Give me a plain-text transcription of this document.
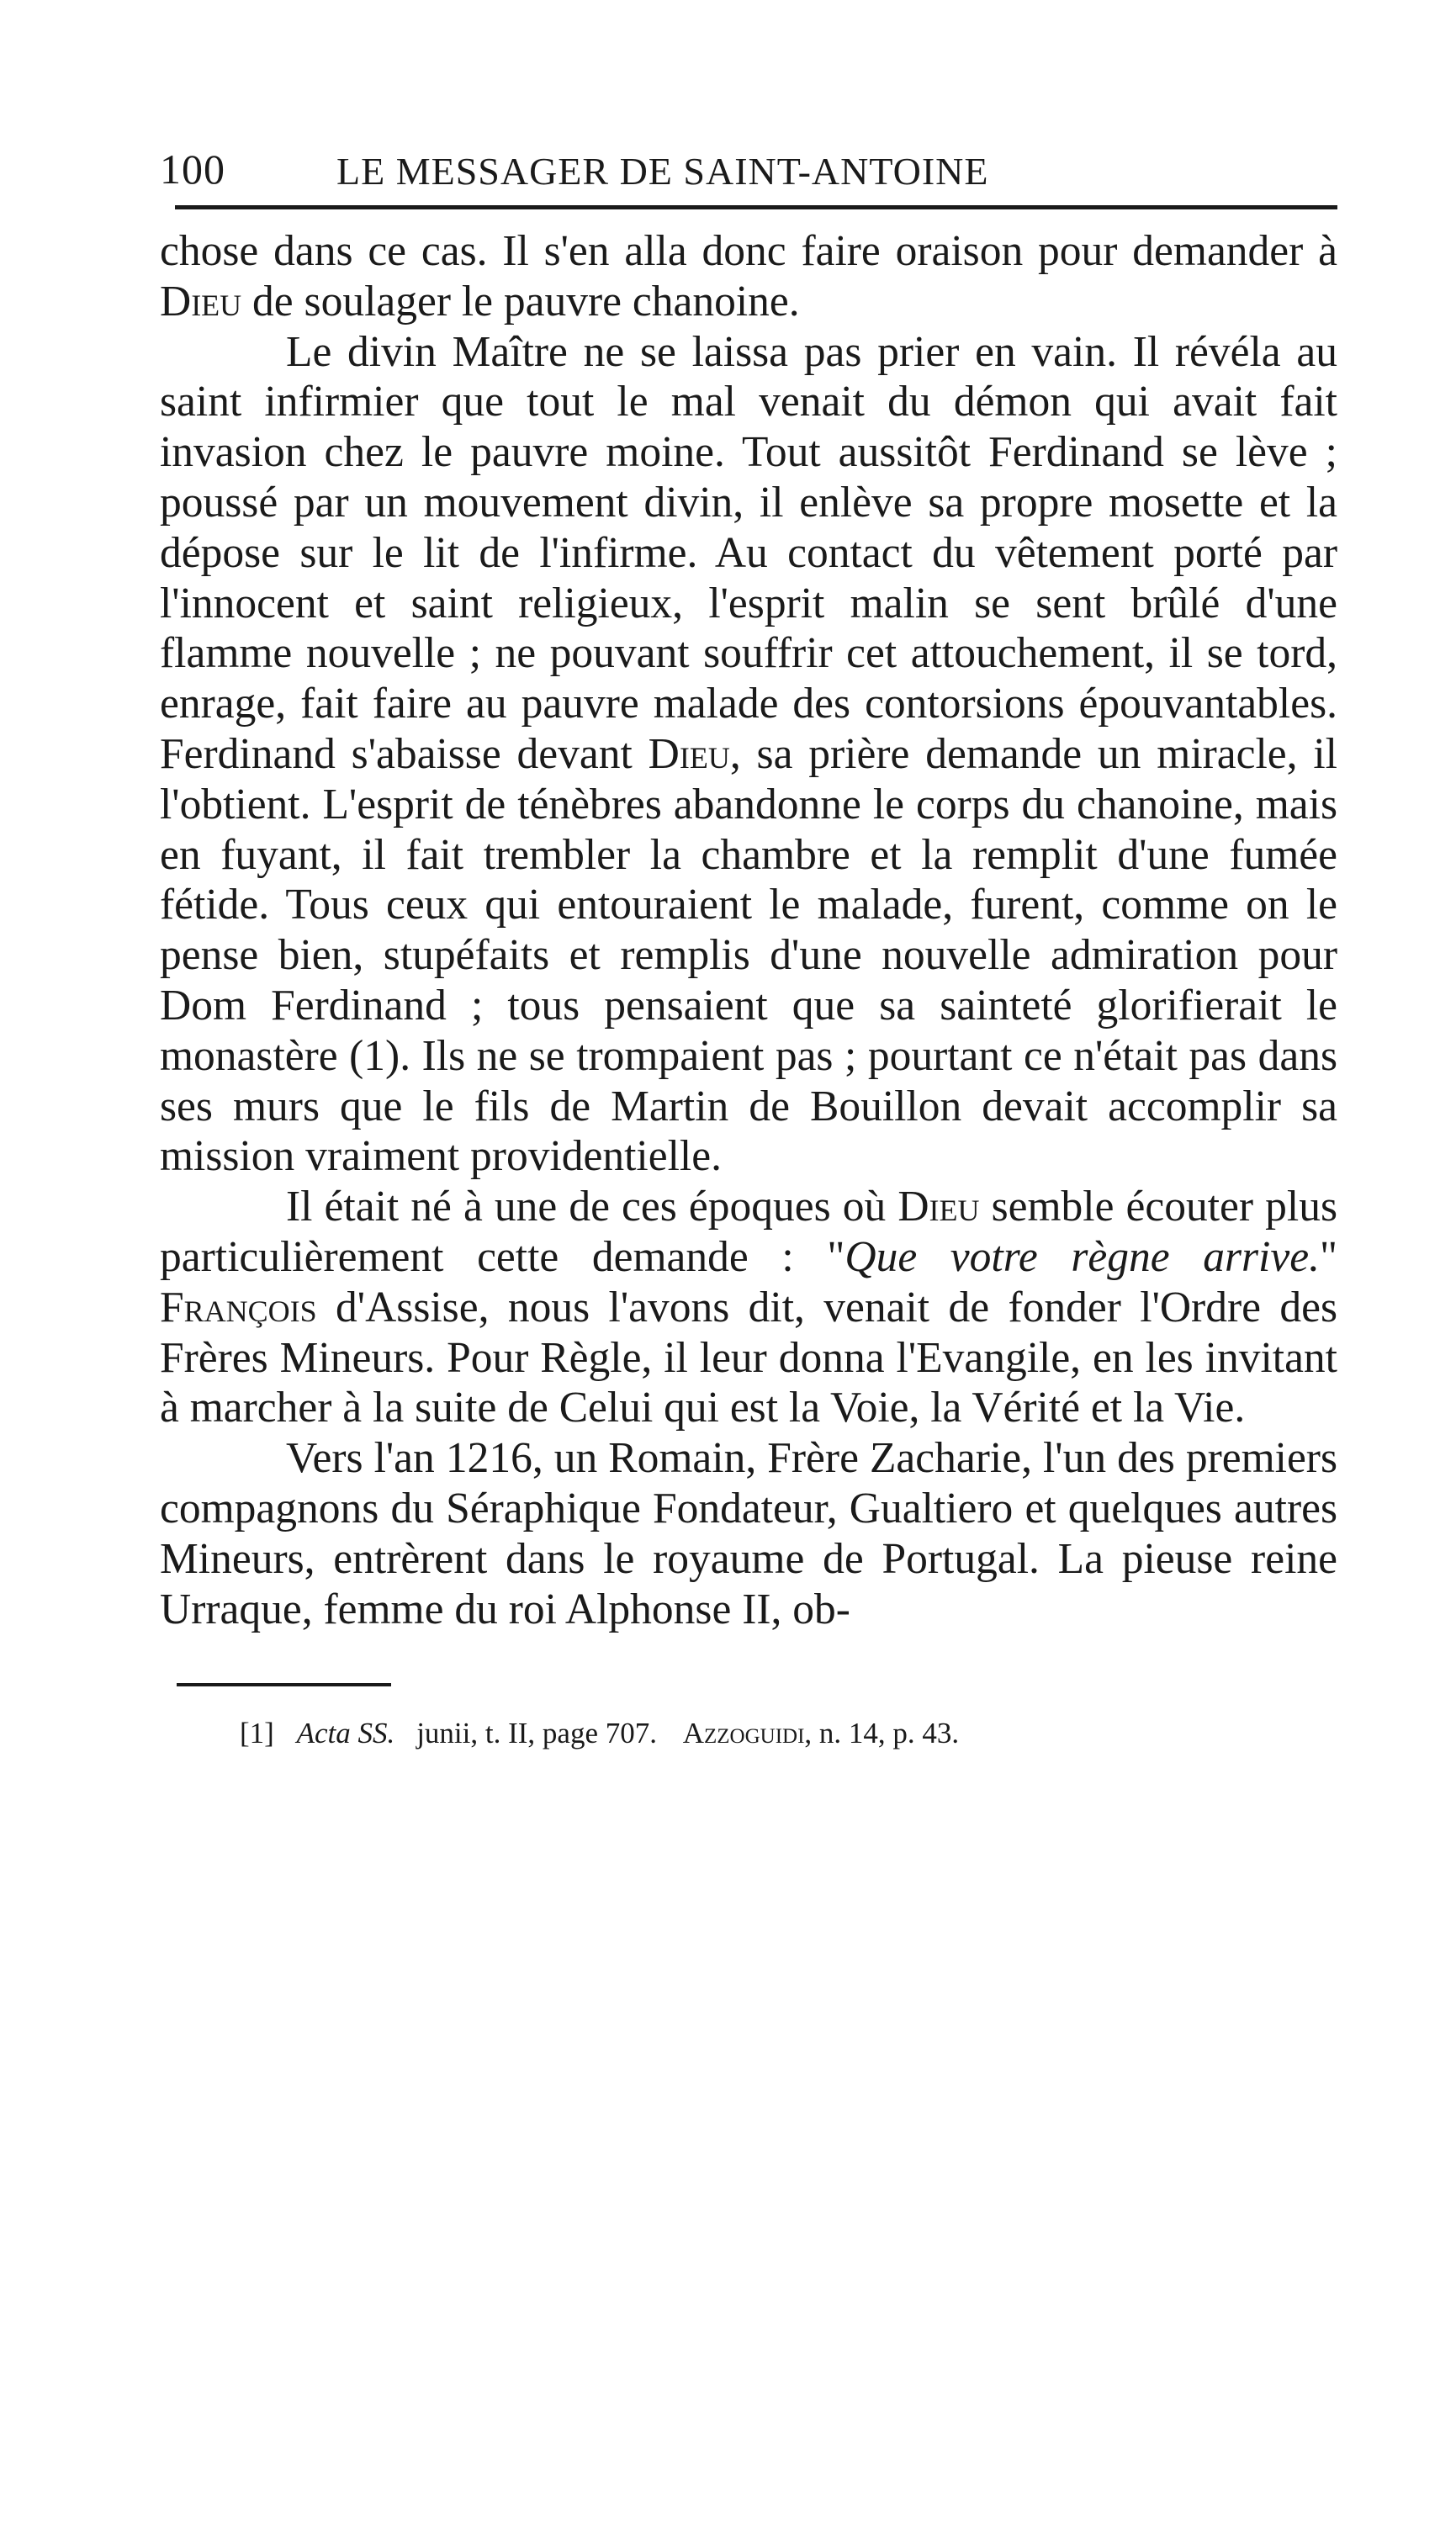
100	LE MESSAGER DE SAINT-ANTOINE

chose dans ce cas. Il s'en alla donc faire oraison pour demander à Dieu de soulager le pauvre chanoine.

Le divin Maître ne se laissa pas prier en vain. Il révéla au saint infirmier que tout le mal venait du démon qui avait fait invasion chez le pauvre moine. Tout aussitôt Ferdinand se lève ; poussé par un mouvement divin, il enlève sa propre mosette et la dépose sur le lit de l'infirme. Au contact du vêtement porté par l'innocent et saint religieux, l'esprit malin se sent brûlé d'une flamme nouvelle ; ne pouvant souffrir cet attouchement, il se tord, enrage, fait faire au pauvre malade des contorsions épouvantables. Ferdinand s'abaisse devant Dieu, sa prière demande un miracle, il l'obtient. L'esprit de ténèbres abandonne le corps du chanoine, mais en fuyant, il fait trembler la chambre et la remplit d'une fumée fétide. Tous ceux qui entouraient le malade, furent, comme on le pense bien, stupéfaits et remplis d'une nouvelle admiration pour Dom Ferdinand ; tous pensaient que sa sainteté glorifierait le monastère (1). Ils ne se trompaient pas ; pourtant ce n'était pas dans ses murs que le fils de Martin de Bouillon devait accomplir sa mission vraiment providentielle.

Il était né à une de ces époques où Dieu semble écouter plus particulièrement cette demande : "Que votre règne arrive." François d'Assise, nous l'avons dit, venait de fonder l'Ordre des Frères Mineurs. Pour Règle, il leur donna l'Evangile, en les invitant à marcher à la suite de Celui qui est la Voie, la Vérité et la Vie.

Vers l'an 1216, un Romain, Frère Zacharie, l'un des premiers compagnons du Séraphique Fondateur, Gualtiero et quelques autres Mineurs, entrèrent dans le royaume de Portugal. La pieuse reine Urraque, femme du roi Alphonse II, ob-

[1] Acta SS. junii, t. II, page 707. Azzoguidi, n. 14, p. 43.
